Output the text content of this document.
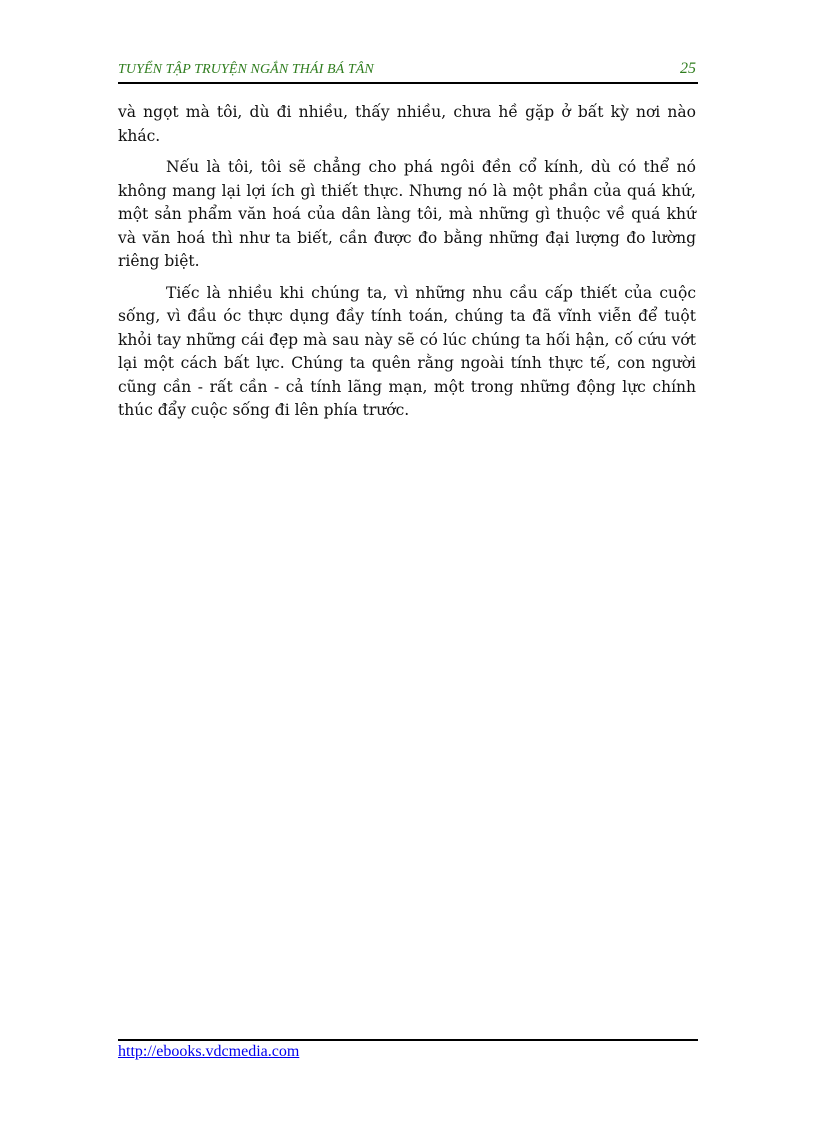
TUYỂN TẬP TRUYỆN NGẮN THÁI BÁ TÂN	25

và ngọt mà tôi, dù đi nhiều, thấy nhiều, chưa hề gặp ở bất kỳ nơi nào khác.

Nếu là tôi, tôi sẽ chẳng cho phá ngôi đền cổ kính, dù có thể nó không mang lại lợi ích gì thiết thực. Nhưng nó là một phần của quá khứ, một sản phẩm văn hoá của dân làng tôi, mà những gì thuộc về quá khứ và văn hoá thì như ta biết, cần được đo bằng những đại lượng đo lường riêng biệt.

Tiếc là nhiều khi chúng ta, vì những nhu cầu cấp thiết của cuộc sống, vì đầu óc thực dụng đầy tính toán, chúng ta đã vĩnh viễn để tuột khỏi tay những cái đẹp mà sau này sẽ có lúc chúng ta hối hận, cố cứu vớt lại một cách bất lực. Chúng ta quên rằng ngoài tính thực tế, con người cũng cần - rất cần - cả tính lãng mạn, một trong những động lực chính thúc đẩy cuộc sống đi lên phía trước.

http://ebooks.vdcmedia.com
